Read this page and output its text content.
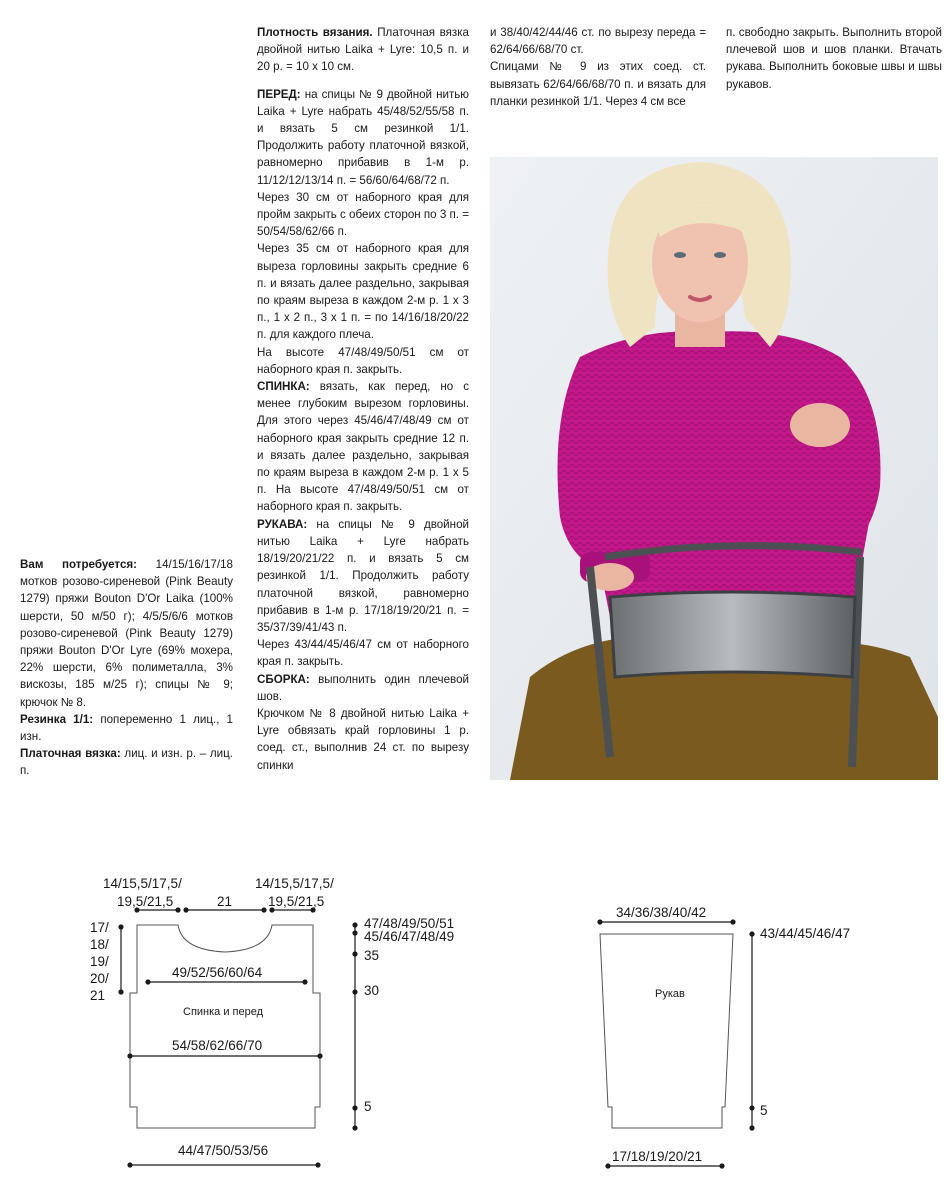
Вам потребуется: 14/15/16/17/18 мотков розово-сиреневой (Pink Beauty 1279) пряжи Bouton D'Or Laika (100% шерсти, 50 м/50 г); 4/5/5/6/6 мотков розово-сиреневой (Pink Beauty 1279) пряжи Bouton D'Or Lyre (69% мохера, 22% шерсти, 6% полиметалла, 3% вискозы, 185 м/25 г); спицы № 9; крючок № 8.

Резинка 1/1: попеременно 1 лиц., 1 изн.

Платочная вязка: лиц. и изн. р. – лиц. п.

Плотность вязания. Платочная вязка двойной нитью Laika + Lyre: 10,5 п. и 20 р. = 10 х 10 см.

ПЕРЕД: на спицы № 9 двойной нитью Laika + Lyre набрать 45/48/52/55/58 п. и вязать 5 см резинкой 1/1. Продолжить работу платочной вязкой, равномерно прибавив в 1-м р. 11/12/12/13/14 п. = 56/60/64/68/72 п.

Через 30 см от наборного края для пройм закрыть с обеих сторон по 3 п. = 50/54/58/62/66 п.

Через 35 см от наборного края для выреза горловины закрыть средние 6 п. и вязать далее раздельно, закрывая по краям выреза в каждом 2-м р. 1 х 3 п., 1 х 2 п., 3 х 1 п. = по 14/16/18/20/22 п. для каждого плеча.

На высоте 47/48/49/50/51 см от наборного края п. закрыть.

СПИНКА: вязать, как перед, но с менее глубоким вырезом горловины. Для этого через 45/46/47/48/49 см от наборного края закрыть средние 12 п. и вязать далее раздельно, закрывая по краям выреза в каждом 2-м р. 1 х 5 п. На высоте 47/48/49/50/51 см от наборного края п. закрыть.

РУКАВА: на спицы № 9 двойной нитью Laika + Lyre набрать 18/19/20/21/22 п. и вязать 5 см резинкой 1/1. Продолжить работу платочной вязкой, равномерно прибавив в 1-м р. 17/18/19/20/21 п. = 35/37/39/41/43 п.

Через 43/44/45/46/47 см от наборного края п. закрыть.

СБОРКА: выполнить один плечевой шов.

Крючком № 8 двойной нитью Laika + Lyre обвязать край горловины 1 р. соед. ст., выполнив 24 ст. по вырезу спинки

и 38/40/42/44/46 ст. по вырезу переда = 62/64/66/68/70 ст.

Спицами № 9 из этих соед. ст. вывязать 62/64/66/68/70 п. и вязать для планки резинкой 1/1. Через 4 см все

п. свободно закрыть. Выполнить второй плечевой шов и шов планки. Втачать рукава. Выполнить боковые швы и швы рукавов.

14/15,5/17,5/
19,5/21,5
14/15,5/17,5/
19,5/21,5
21
17/
18/
19/
20/
21
49/52/56/60/64
Спинка и перед
54/58/62/66/70
44/47/50/53/56
47/48/49/50/51
45/46/47/48/49
35
30
5
34/36/38/40/42
Рукав
43/44/45/46/47
5
17/18/19/20/21
